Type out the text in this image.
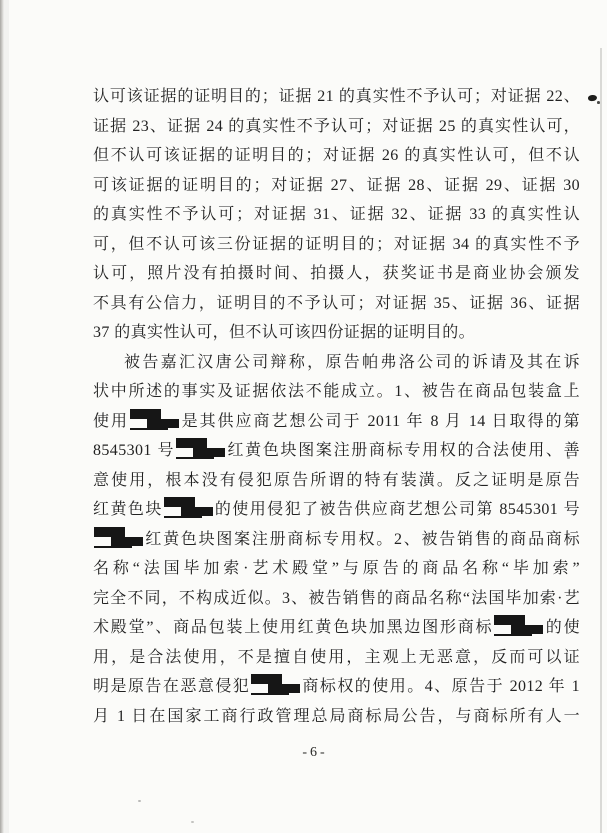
认可该证据的证明目的；证据 21 的真实性不予认可；对证据 22、
证据 23、证据 24 的真实性不予认可；对证据 25 的真实性认可，
但不认可该证据的证明目的；对证据 26 的真实性认可，但不认
可该证据的证明目的；对证据 27、证据 28、证据 29、证据 30
的真实性不予认可；对证据 31、证据 32、证据 33 的真实性认
可，但不认可该三份证据的证明目的；对证据 34 的真实性不予
认可，照片没有拍摄时间、拍摄人，获奖证书是商业协会颁发
不具有公信力，证明目的不予认可；对证据 35、证据 36、证据
37 的真实性认可，但不认可该四份证据的证明目的。
被告嘉汇汉唐公司辩称，原告帕弗洛公司的诉请及其在诉
状中所述的事实及证据依法不能成立。1、被告在商品包装盒上
使用	是其供应商艺想公司于 2011 年 8 月 14 日取得的第
8545301 号	红黄色块图案注册商标专用权的合法使用、善
意使用，根本没有侵犯原告所谓的特有装潢。反之证明是原告
红黄色块	的使用侵犯了被告供应商艺想公司第 8545301 号
红黄色块图案注册商标专用权。2、被告销售的商品商标
名称“法国毕加索·艺术殿堂”与原告的商品名称“毕加索”
完全不同，不构成近似。3、被告销售的商品名称“法国毕加索·艺
术殿堂”、商品包装上使用红黄色块加黑边图形商标	的使
用，是合法使用，不是擅自使用，主观上无恶意，反而可以证
明是原告在恶意侵犯	商标权的使用。4、原告于 2012 年 1
月 1 日在国家工商行政管理总局商标局公告，与商标所有人一
-6-
